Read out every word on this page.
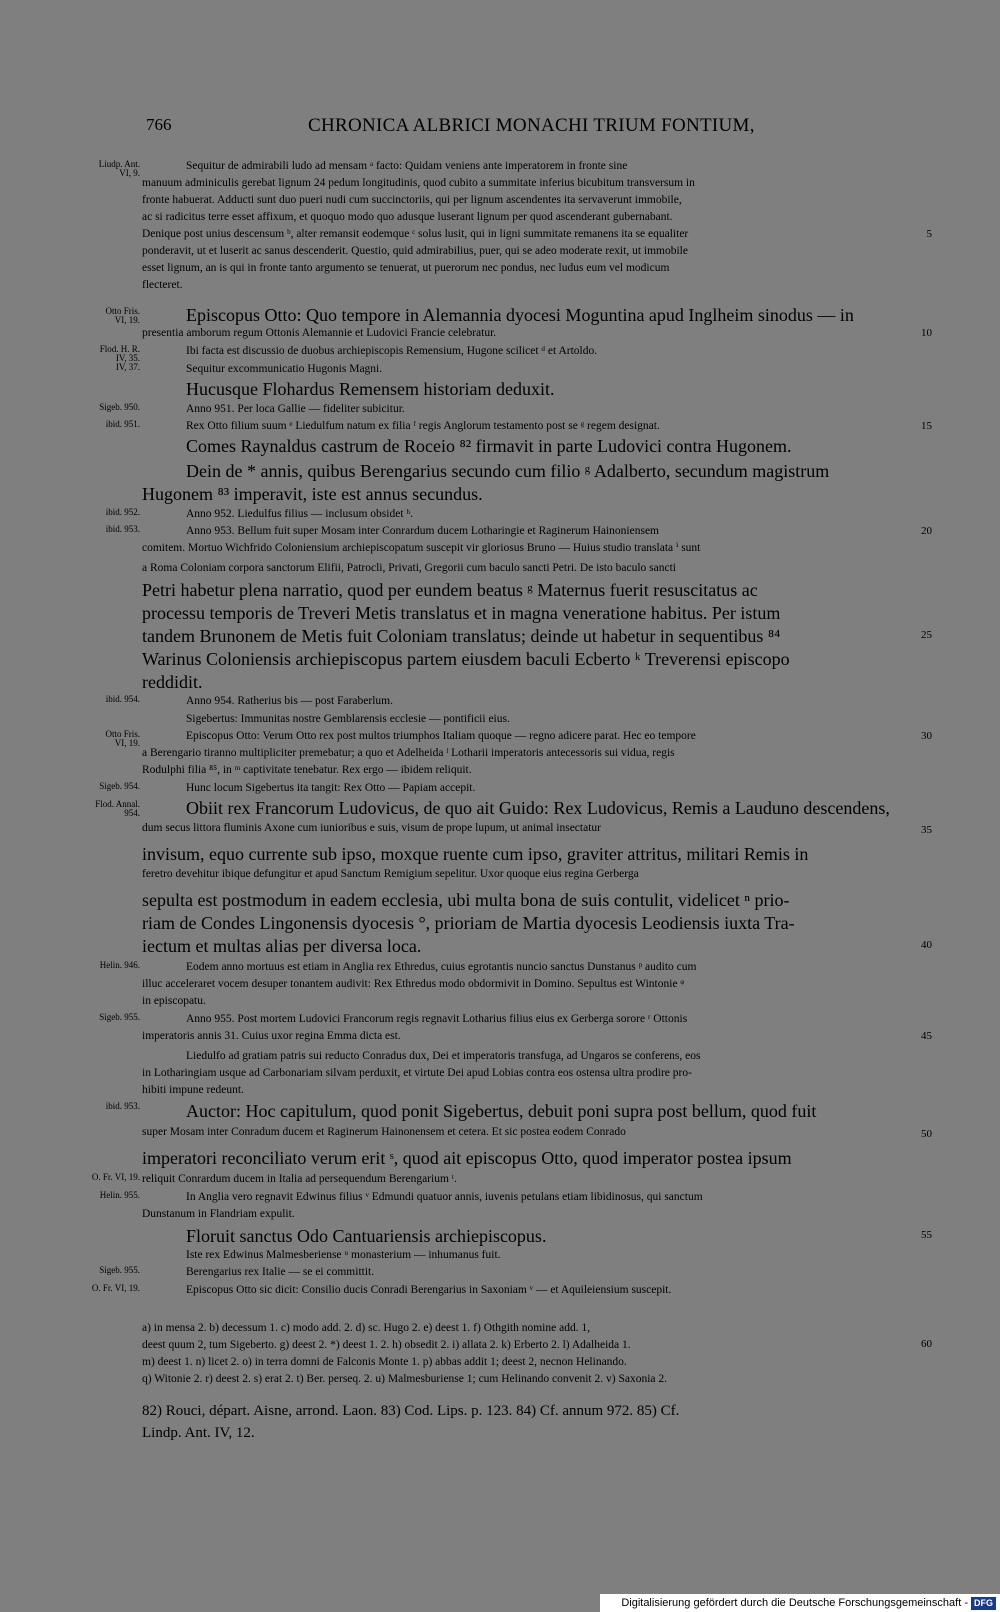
766	CHRONICA ALBRICI MONACHI TRIUM FONTIUM,
Sequitur de admirabili ludo ad mensam ᵃ facto: Quidam veniens ante imperatorem in fronte sine
manuum adminiculis gerebat lignum 24 pedum longitudinis, quod cubito a summitate inferius bicubitum transversum in
fronte habuerat. Adducti sunt duo pueri nudi cum succinctoriis, qui per lignum ascendentes ita servaverunt immobile,
ac si radicitus terre esset affixum, et quoquo modo quo adusque luserant lignum per quod ascenderant gubernabant.
Denique post unius descensum ᵇ, alter remansit eodemque ᶜ solus lusit, qui in ligni summitate remanens ita se equaliter
ponderavit, ut et luserit ac sanus descenderit. Questio, quid admirabilius, puer, qui se adeo moderate rexit, ut immobile
esset lignum, an is qui in fronte tanto argumento se tenuerat, ut puerorum nec pondus, nec ludus eum vel modicum
flecteret.
Episcopus Otto: Quo tempore in Alemannia dyocesi Moguntina apud Inglheim sinodus — in
presentia amborum regum Ottonis Alemannie et Ludovici Francie celebratur.
Ibi facta est discussio de duobus archiepiscopis Remensium, Hugone scilicet ᵈ et Artoldo.
Sequitur excommunicatio Hugonis Magni.
Hucusque Flohardus Remensem historiam deduxit.
Anno 951. Per loca Gallie — fideliter subicitur.
Rex Otto filium suum ᵉ Liedulfum natum ex filia ᶠ regis Anglorum testamento post se ᵍ regem designat.
Comes Raynaldus castrum de Roceio ⁸² firmavit in parte Ludovici contra Hugonem.
Dein de * annis, quibus Berengarius secundo cum filio ᵍ Adalberto, secundum magistrum
Hugonem ⁸³ imperavit, iste est annus secundus.
Anno 952. Liedulfus filius — inclusum obsidet ʰ.
Anno 953. Bellum fuit super Mosam inter Conrardum ducem Lotharingie et Raginerum Hainoniensem
comitem. Mortuo Wichfrido Coloniensium archiepiscopatum suscepit vir gloriosus Bruno — Huius studio translata ⁱ sunt
a Roma Coloniam corpora sanctorum Elifii, Patrocli, Privati, Gregorii cum baculo sancti Petri. De isto baculo sancti
Petri habetur plena narratio, quod per eundem beatus ᵍ Maternus fuerit resuscitatus ac
processu temporis de Treveri Metis translatus et in magna veneratione habitus. Per istum
tandem Brunonem de Metis fuit Coloniam translatus; deinde ut habetur in sequentibus ⁸⁴
Warinus Coloniensis archiepiscopus partem eiusdem baculi Ecberto ᵏ Treverensi episcopo
reddidit.
Anno 954. Ratherius bis — post Faraberlum.
Sigebertus: Immunitas nostre Gemblarensis ecclesie — pontificii eius.
Episcopus Otto: Verum Otto rex post multos triumphos Italiam quoque — regno adicere parat. Hec eo tempore
a Berengario tiranno multipliciter premebatur; a quo et Adelheida ˡ Lotharii imperatoris antecessoris sui vidua, regis
Rodulphi filia ⁸⁵, in ᵐ captivitate tenebatur. Rex ergo — ibidem reliquit.
Hunc locum Sigebertus ita tangit: Rex Otto — Papiam accepit.
Obiit rex Francorum Ludovicus, de quo ait Guido: Rex Ludovicus, Remis a Lauduno descendens,
dum secus littora fluminis Axone cum iunioribus e suis, visum de prope lupum, ut animal insectatur
invisum, equo currente sub ipso, moxque ruente cum ipso, graviter attritus, militari Remis in
feretro devehitur ibique defungitur et apud Sanctum Remigium sepelitur. Uxor quoque eius regina Gerberga
sepulta est postmodum in eadem ecclesia, ubi multa bona de suis contulit, videlicet ⁿ prio-
riam de Condes Lingonensis dyocesis °, prioriam de Martia dyocesis Leodiensis iuxta Tra-
iectum et multas alias per diversa loca.
Eodem anno mortuus est etiam in Anglia rex Ethredus, cuius egrotantis nuncio sanctus Dunstanus ᵖ audito cum
illuc acceleraret vocem desuper tonantem audivit: Rex Ethredus modo obdormivit in Domino. Sepultus est Wintonie ᵠ
in episcopatu.
Anno 955. Post mortem Ludovici Francorum regis regnavit Lotharius filius eius ex Gerberga sorore ʳ Ottonis
imperatoris annis 31. Cuius uxor regina Emma dicta est.
Liedulfo ad gratiam patris sui reducto Conradus dux, Dei et imperatoris transfuga, ad Ungaros se conferens, eos
in Lotharingiam usque ad Carbonariam silvam perduxit, et virtute Dei apud Lobias contra eos ostensa ultra prodire pro-
hibiti impune redeunt.
Auctor: Hoc capitulum, quod ponit Sigebertus, debuit poni supra post bellum, quod fuit
super Mosam inter Conradum ducem et Raginerum Hainonensem et cetera. Et sic postea eodem Conrado
imperatori reconciliato verum erit ˢ, quod ait episcopus Otto, quod imperator postea ipsum
reliquit Conrardum ducem in Italia ad persequendum Berengarium ᵗ.
In Anglia vero regnavit Edwinus filius ᵛ Edmundi quatuor annis, iuvenis petulans etiam libidinosus, qui sanctum
Dunstanum in Flandriam expulit.
Floruit sanctus Odo Cantuariensis archiepiscopus.
Iste rex Edwinus Malmesberiense ᵘ monasterium — inhumanus fuit.
Berengarius rex Italie — se ei committit.
Episcopus Otto sic dicit: Consilio ducis Conradi Berengarius in Saxoniam ᵛ — et Aquileiensium suscepit.
Liudp. Ant.
VI, 9.
Otto Fris.
VI, 19.
Flod. H. R.
IV, 35.
IV, 37.
Sigeb. 950.
ibid. 951.
ibid. 952.
ibid. 953.
ibid. 954.
Otto Fris.
VI, 19.
Sigeb. 954.
Flod. Annal.
954.
Helin. 946.
Sigeb. 955.
ibid. 953.
O. Fr. VI, 19.
Helin. 955.
Sigeb. 955.
O. Fr. VI, 19.
5
10
15
20
25
30
35
40
45
50
55
60
a) in mensa 2. b) decessum 1. c) modo add. 2. d) sc. Hugo 2. e) deest 1. f) Othgith nomine add. 1,
deest quum 2, tum Sigeberto. g) deest 2. *) deest 1. 2. h) obsedit 2. i) allata 2. k) Erberto 2. l) Adalheida 1.
m) deest 1. n) licet 2. o) in terra domni de Falconis Monte 1. p) abbas addit 1; deest 2, necnon Helinando.
q) Witonie 2. r) deest 2. s) erat 2. t) Ber. perseq. 2. u) Malmesburiense 1; cum Helinando convenit 2. v) Saxonia 2.
82) Rouci, départ. Aisne, arrond. Laon. 83) Cod. Lips. p. 123. 84) Cf. annum 972. 85) Cf.
Lindp. Ant. IV, 12.
Digitalisierung gefördert durch die Deutsche Forschungsgemeinschaft - DFG
